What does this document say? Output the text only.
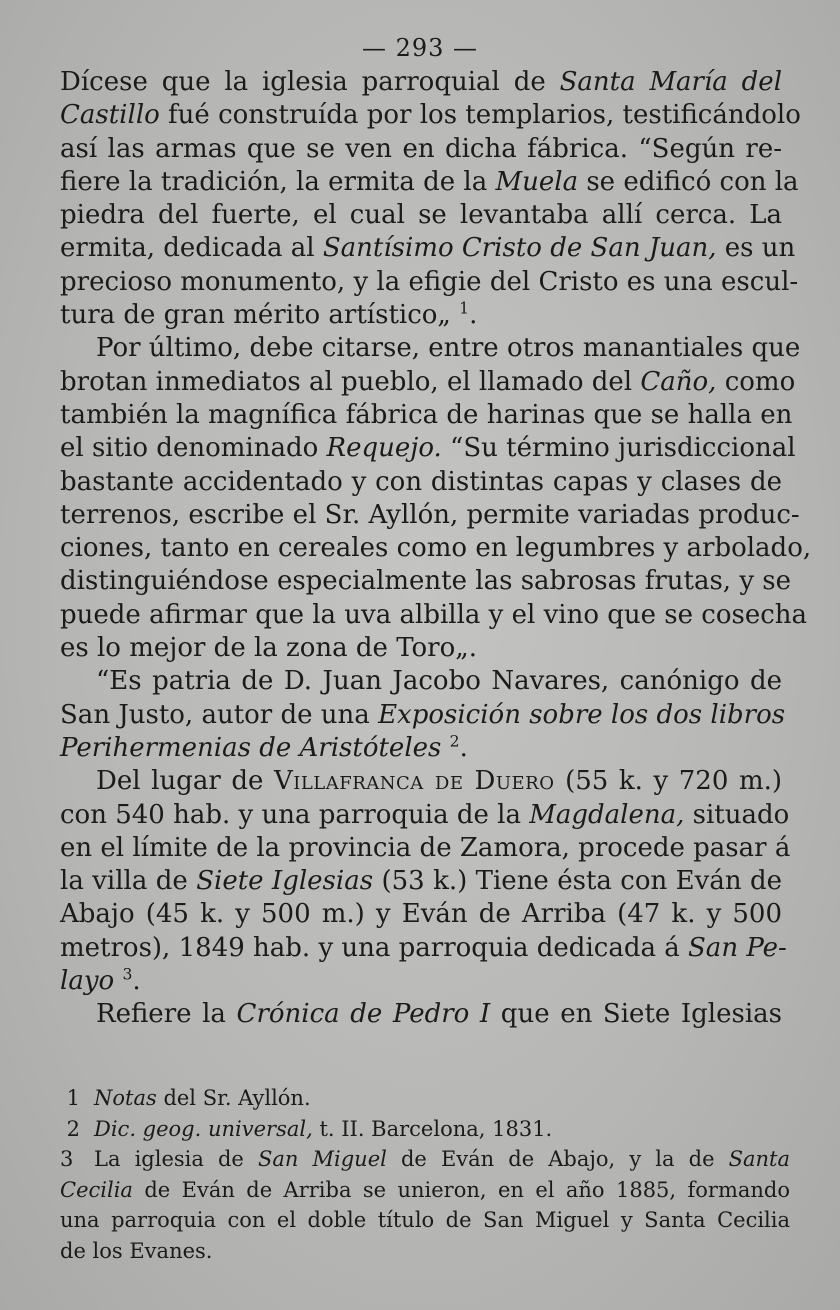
— 293 —
Dícese que la iglesia parroquial de Santa María del
Castillo fué construída por los templarios, testificándolo
así las armas que se ven en dicha fábrica. “Según re-
fiere la tradición, la ermita de la Muela se edificó con la
piedra del fuerte, el cual se levantaba allí cerca. La
ermita, dedicada al Santísimo Cristo de San Juan, es un
precioso monumento, y la efigie del Cristo es una escul-
tura de gran mérito artístico„ $^1$.
Por último, debe citarse, entre otros manantiales que
brotan inmediatos al pueblo, el llamado del Caño, como
también la magnífica fábrica de harinas que se halla en
el sitio denominado Requejo. “Su término jurisdiccional
bastante accidentado y con distintas capas y clases de
terrenos, escribe el Sr. Ayllón, permite variadas produc-
ciones, tanto en cereales como en legumbres y arbolado,
distinguiéndose especialmente las sabrosas frutas, y se
puede afirmar que la uva albilla y el vino que se cosecha
es lo mejor de la zona de Toro„.
“Es patria de D. Juan Jacobo Navares, canónigo de
San Justo, autor de una Exposición sobre los dos libros
Perihermenias de Aristóteles $^2$.
Del lugar de Villafranca de Duero (55 k. y 720 m.)
con 540 hab. y una parroquia de la Magdalena, situado
en el límite de la provincia de Zamora, procede pasar á
la villa de Siete Iglesias (53 k.) Tiene ésta con Eván de
Abajo (45 k. y 500 m.) y Eván de Arriba (47 k. y 500
metros), 1849 hab. y una parroquia dedicada á San Pe-
layo $^3$.
Refiere la Crónica de Pedro I que en Siete Iglesias
1 Notas del Sr. Ayllón.
2 Dic. geog. universal, t. II. Barcelona, 1831.
3 La iglesia de San Miguel de Eván de Abajo, y la de Santa
Cecilia de Eván de Arriba se unieron, en el año 1885, formando
una parroquia con el doble título de San Miguel y Santa Cecilia
de los Evanes.
